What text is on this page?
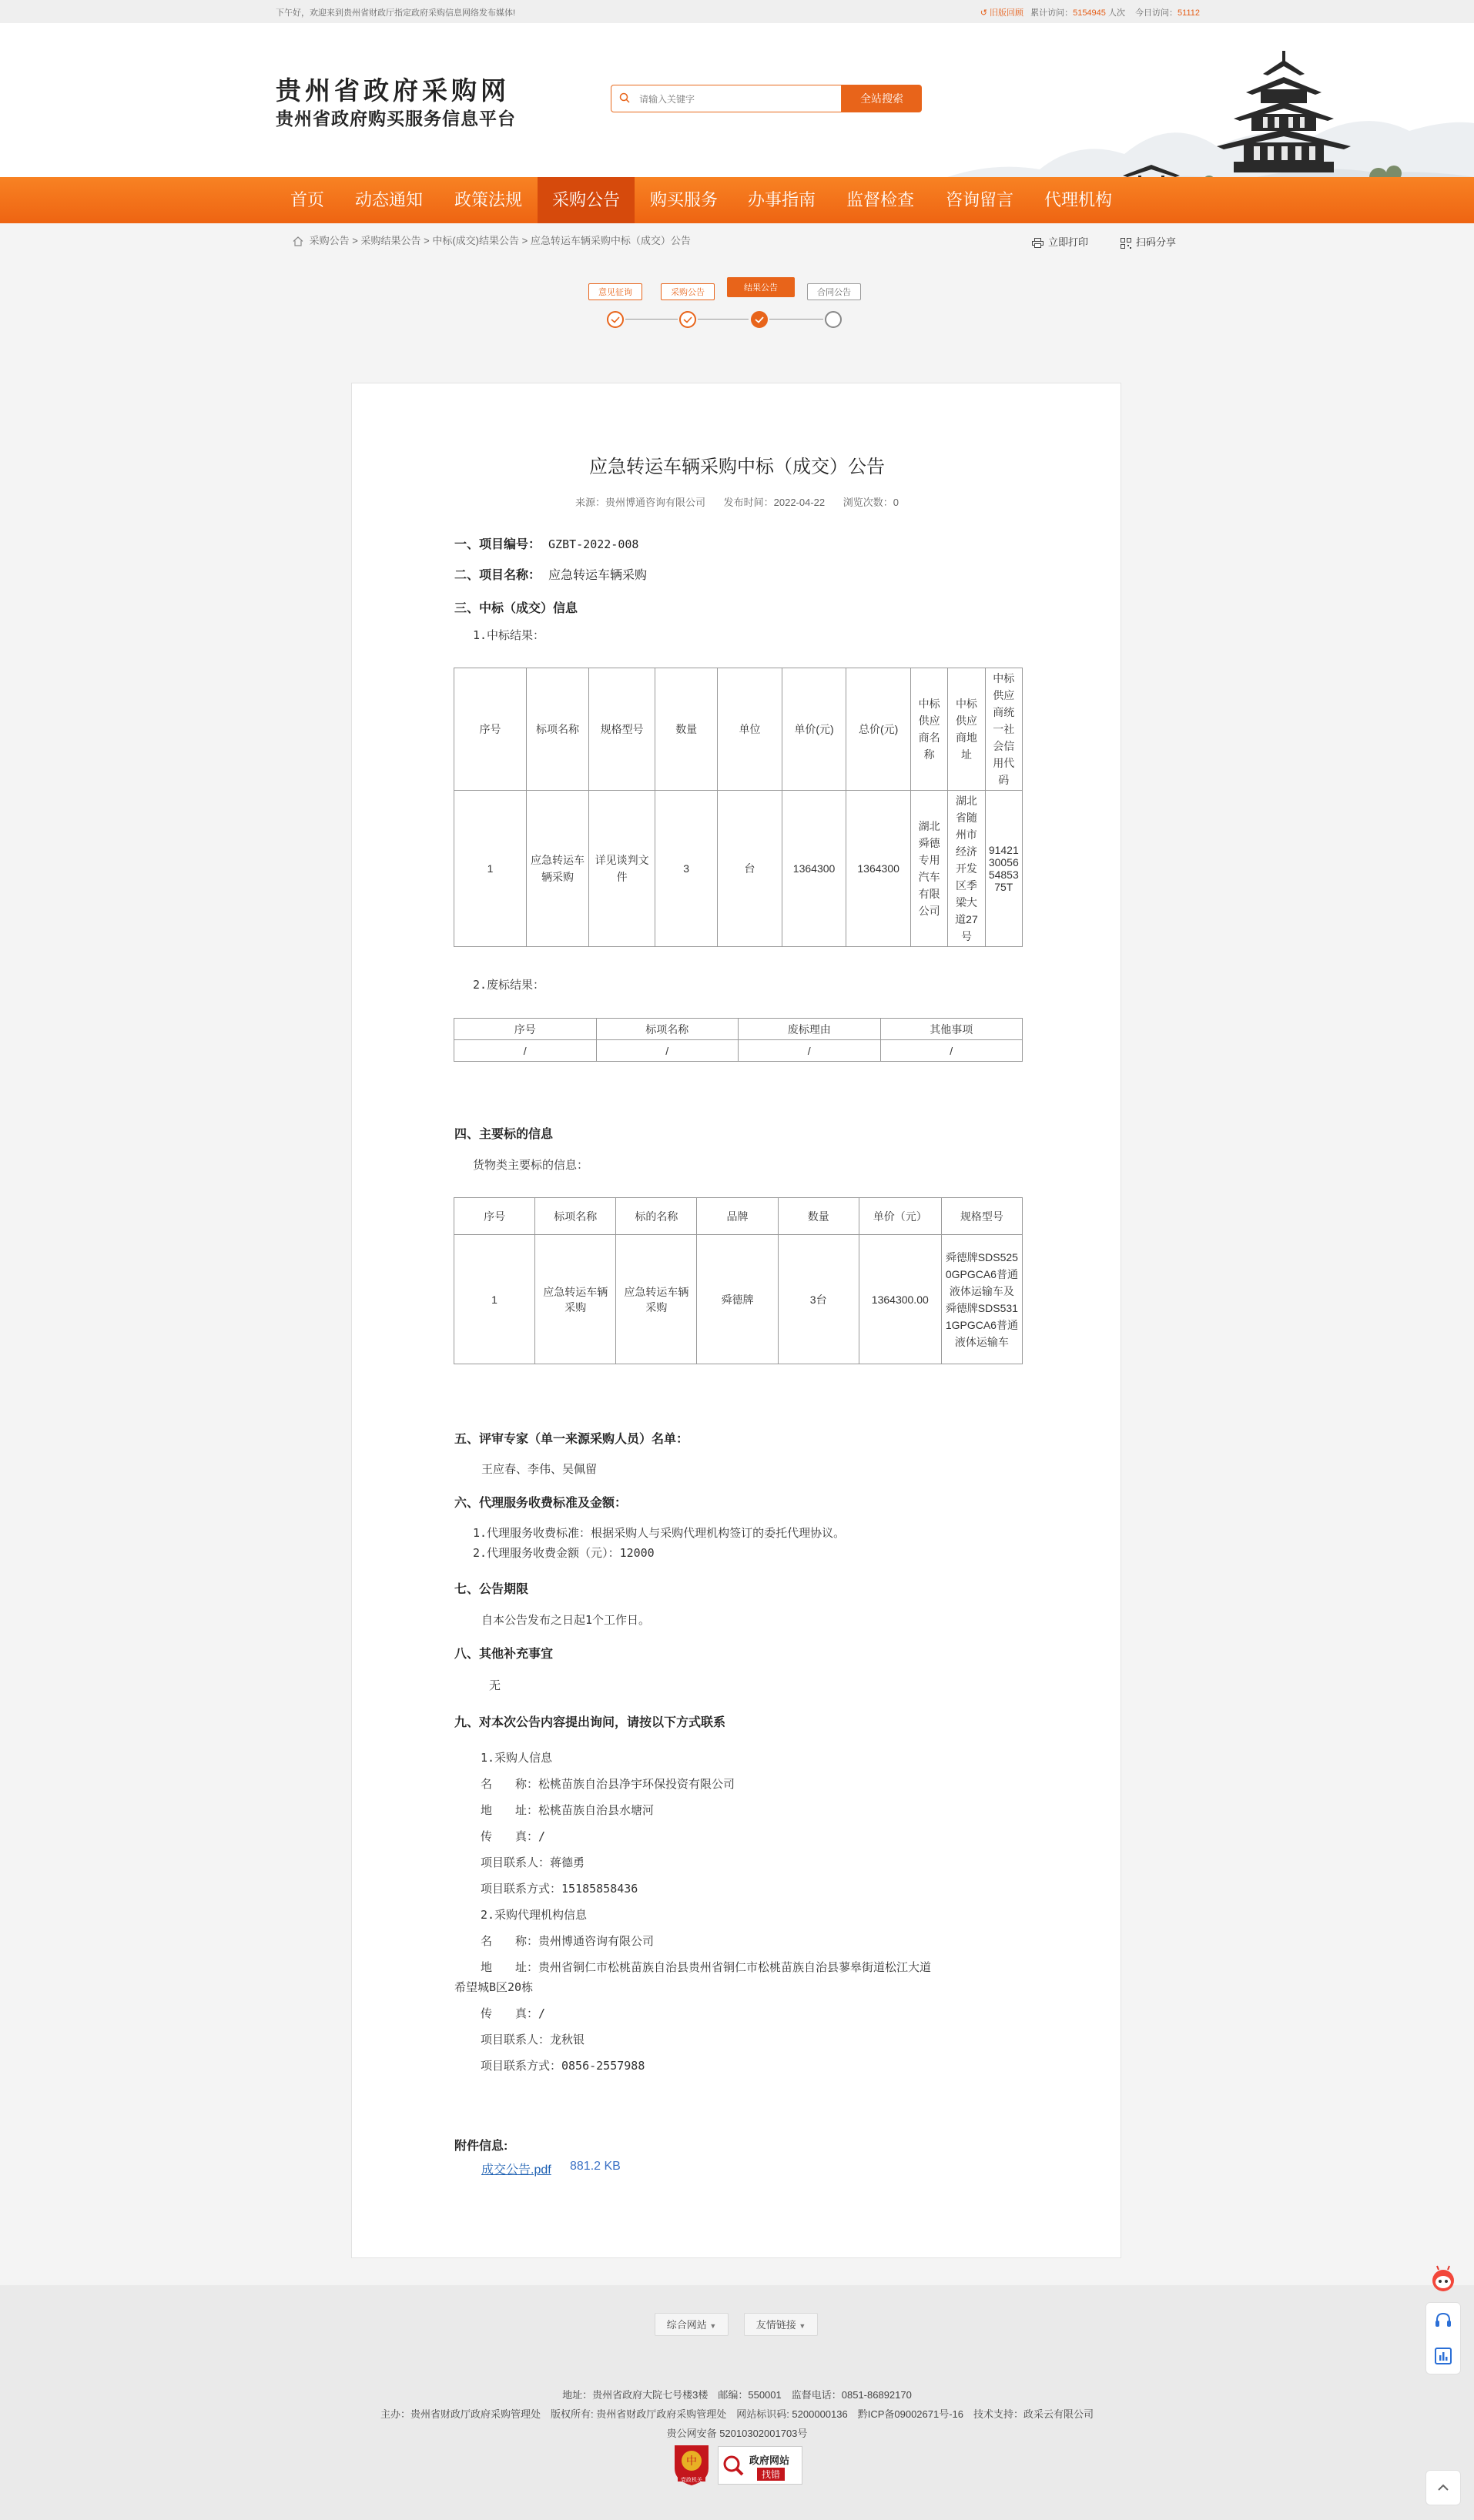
下午好，欢迎来到贵州省财政厅指定政府采购信息网络发布媒体!	↺ 旧版回顾 累计访问：5154945 人次 今日访问：51112
贵州省政府采购网
贵州省政府购买服务信息平台
请输入关键字
全站搜索
首页	动态通知	政策法规	采购公告	购买服务	办事指南	监督检查	咨询留言	代理机构
采购公告 > 采购结果公告 > 中标(成交)结果公告 > 应急转运车辆采购中标（成交）公告	立即打印	扫码分享
意见征询	采购公告	结果公告	合同公告
应急转运车辆采购中标（成交）公告
来源：贵州博通咨询有限公司 发布时间：2022-04-22 浏览次数：0
一、项目编号： GZBT-2022-008
二、项目名称： 应急转运车辆采购
三、中标（成交）信息
1.中标结果：
序号	标项名称	规格型号	数量	单位	单价(元)	总价(元)	中标供应商名称	中标供应商地址	中标供应商统一社会信用代码
1	应急转运车辆采购	详见谈判文件	3	台	1364300	1364300	湖北舜德专用汽车有限公司	湖北省随州市经济开发区季梁大道27号	91421300565485375T
2.废标结果：
序号	标项名称	废标理由	其他事项
/	/	/	/
四、主要标的信息
货物类主要标的信息：
序号	标项名称	标的名称	品牌	数量	单价（元）	规格型号
1	应急转运车辆采购	应急转运车辆采购	舜德牌	3台	1364300.00	舜德牌SDS5250GPGCA6普通液体运输车及舜德牌SDS5311GPGCA6普通液体运输车
五、评审专家（单一来源采购人员）名单：
王应春、李伟、吴佩留
六、代理服务收费标准及金额：
1.代理服务收费标准：根据采购人与采购代理机构签订的委托代理协议。
2.代理服务收费金额（元）：12000
七、公告期限
自本公告发布之日起1个工作日。
八、其他补充事宜
无
九、对本次公告内容提出询问，请按以下方式联系
1.采购人信息
名　　称：松桃苗族自治县净宇环保投资有限公司
地　　址：松桃苗族自治县水塘河
传　　真：/
项目联系人：蒋德勇
项目联系方式：15185858436
2.采购代理机构信息
名　　称：贵州博通咨询有限公司
地　　址：贵州省铜仁市松桃苗族自治县贵州省铜仁市松桃苗族自治县蓼皋街道松江大道
希望城B区20栋
传　　真：/
项目联系人：龙秋银
项目联系方式：0856-2557988
附件信息:
成交公告.pdf 881.2 KB
综合网站 ▼	友情链接 ▼
地址：贵州省政府大院七号楼3楼　邮编：550001　监督电话：0851-86892170
主办：贵州省财政厅政府采购管理处　版权所有: 贵州省财政厅政府采购管理处　网站标识码: 5200000136　黔ICP备09002671号-16　技术支持：政采云有限公司
贵公网安备 52010302001703号
中
党政机关
政府网站
找错
